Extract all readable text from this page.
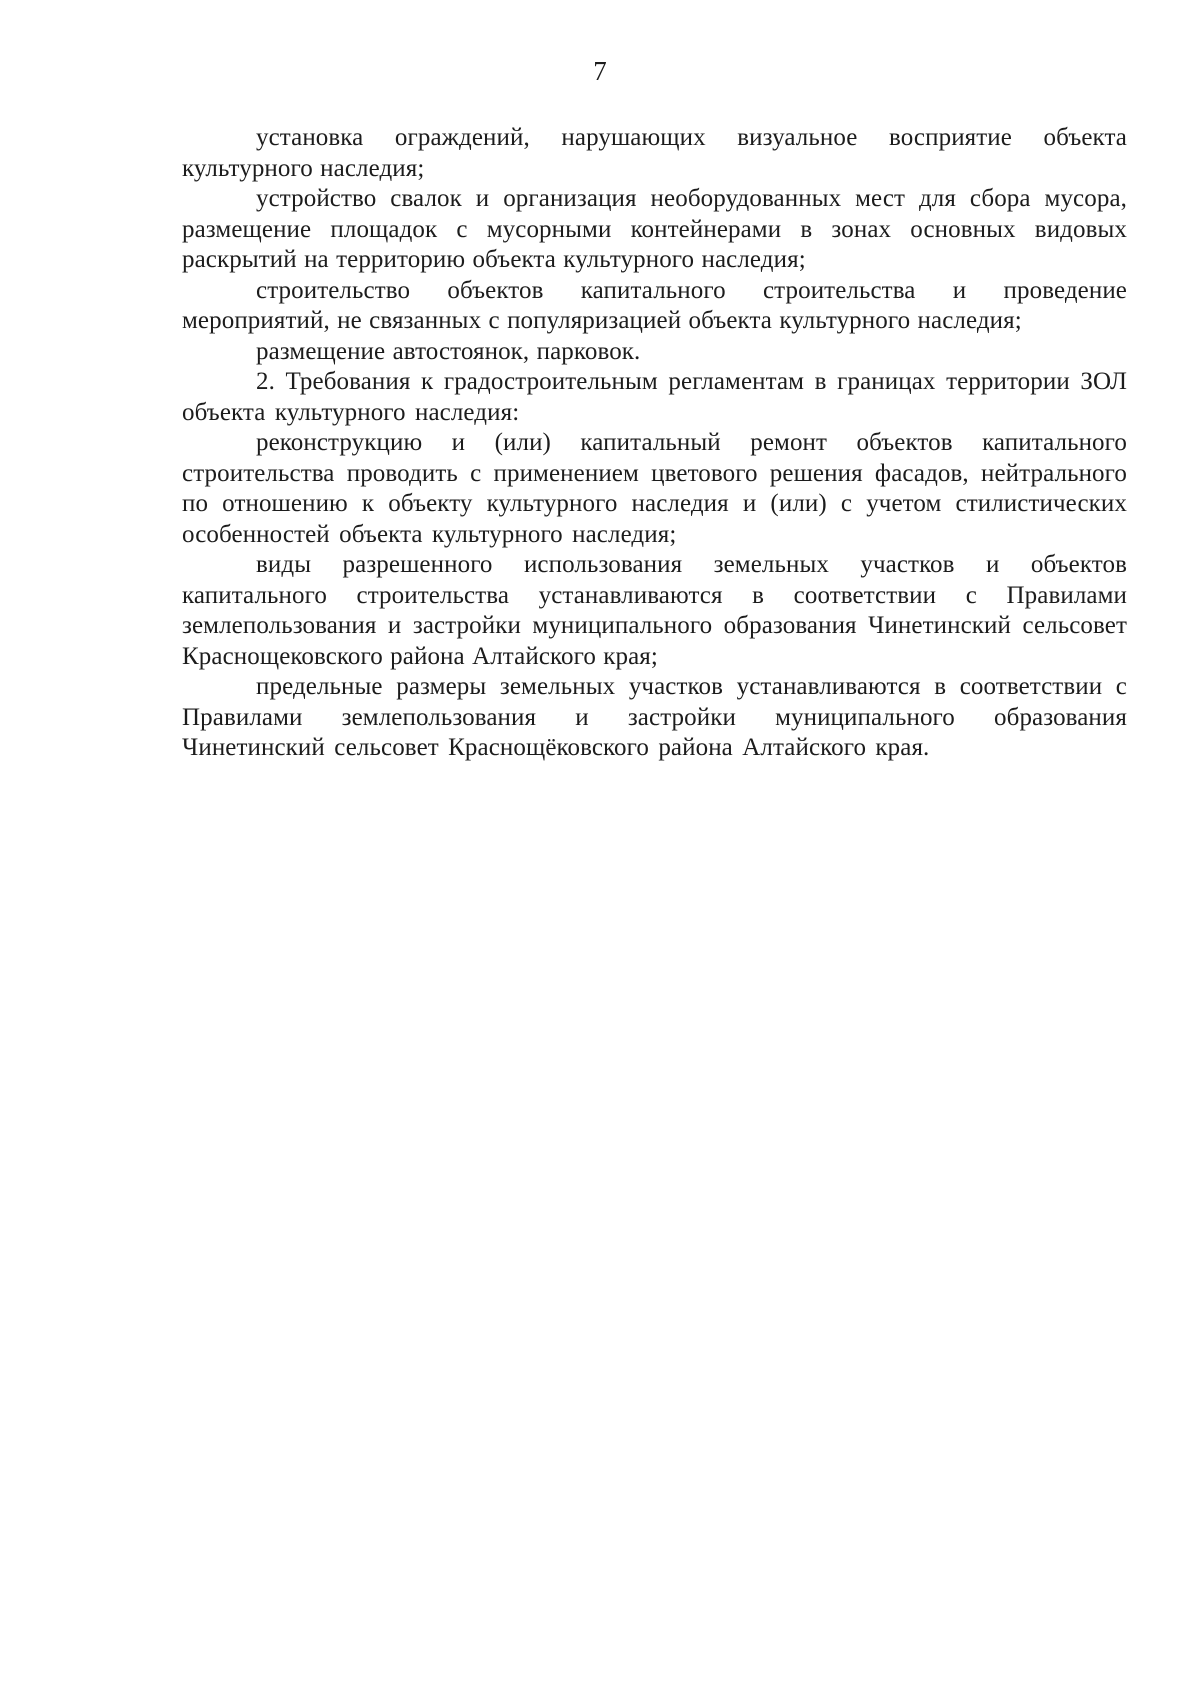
7

установка ограждений, нарушающих визуальное восприятие объекта культурного наследия;

устройство свалок и организация необорудованных мест для сбора мусора, размещение площадок с мусорными контейнерами в зонах основных видовых раскрытий на территорию объекта культурного наследия;

строительство объектов капитального строительства и проведение мероприятий, не связанных с популяризацией объекта культурного наследия;

размещение автостоянок, парковок.

2. Требования к градостроительным регламентам в границах территории ЗОЛ объекта культурного наследия:

реконструкцию и (или) капитальный ремонт объектов капитального строительства проводить с применением цветового решения фасадов, нейтрального по отношению к объекту культурного наследия и (или) с учетом стилистических особенностей объекта культурного наследия;

виды разрешенного использования земельных участков и объектов капитального строительства устанавливаются в соответствии с Правилами землепользования и застройки муниципального образования Чинетинский сельсовет Краснощековского района Алтайского края;

предельные размеры земельных участков устанавливаются в соответствии с Правилами землепользования и застройки муниципального образования Чинетинский сельсовет Краснощёковского района Алтайского края.
